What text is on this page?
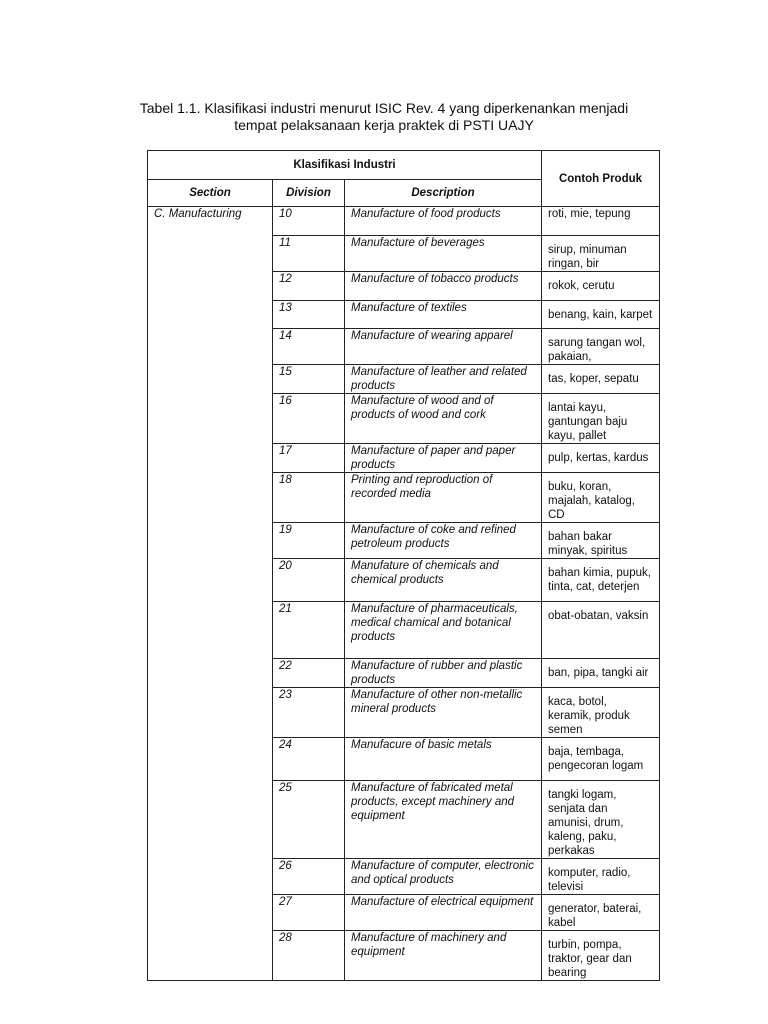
Tabel 1.1. Klasifikasi industri menurut ISIC Rev. 4 yang diperkenankan menjadi
tempat pelaksanaan kerja praktek di PSTI UAJY
Klasifikasi Industri			Contoh Produk
Section	Division	Description	
C. Manufacturing	10	Manufacture of food products	roti, mie, tepung
	11	Manufacture of beverages	sirup, minuman ringan, bir
	12	Manufacture of tobacco products	rokok, cerutu
	13	Manufacture of textiles	benang, kain, karpet
	14	Manufacture of wearing apparel	sarung tangan wol, pakaian,
	15	Manufacture of leather and related products	tas, koper, sepatu
	16	Manufacture of wood and of products of wood and cork	lantai kayu, gantungan baju kayu, pallet
	17	Manufacture of paper and paper products	pulp, kertas, kardus
	18	Printing and reproduction of recorded media	buku, koran, majalah, katalog, CD
	19	Manufacture of coke and refined petroleum products	bahan bakar minyak, spiritus
	20	Manufature of chemicals and chemical products	bahan kimia, pupuk, tinta, cat, deterjen
	21	Manufacture of pharmaceuticals, medical chamical and botanical products	obat-obatan, vaksin
	22	Manufacture of rubber and plastic products	ban, pipa, tangki air
	23	Manufacture of other non-metallic mineral products	kaca, botol, keramik, produk semen
	24	Manufacure of basic metals	baja, tembaga, pengecoran logam
	25	Manufacture of fabricated metal products, except machinery and equipment	tangki logam, senjata dan amunisi, drum, kaleng, paku, perkakas
	26	Manufacture of computer, electronic and optical products	komputer, radio, televisi
	27	Manufacture of electrical equipment	generator, baterai, kabel
	28	Manufacture of machinery and equipment	turbin, pompa, traktor, gear dan bearing
